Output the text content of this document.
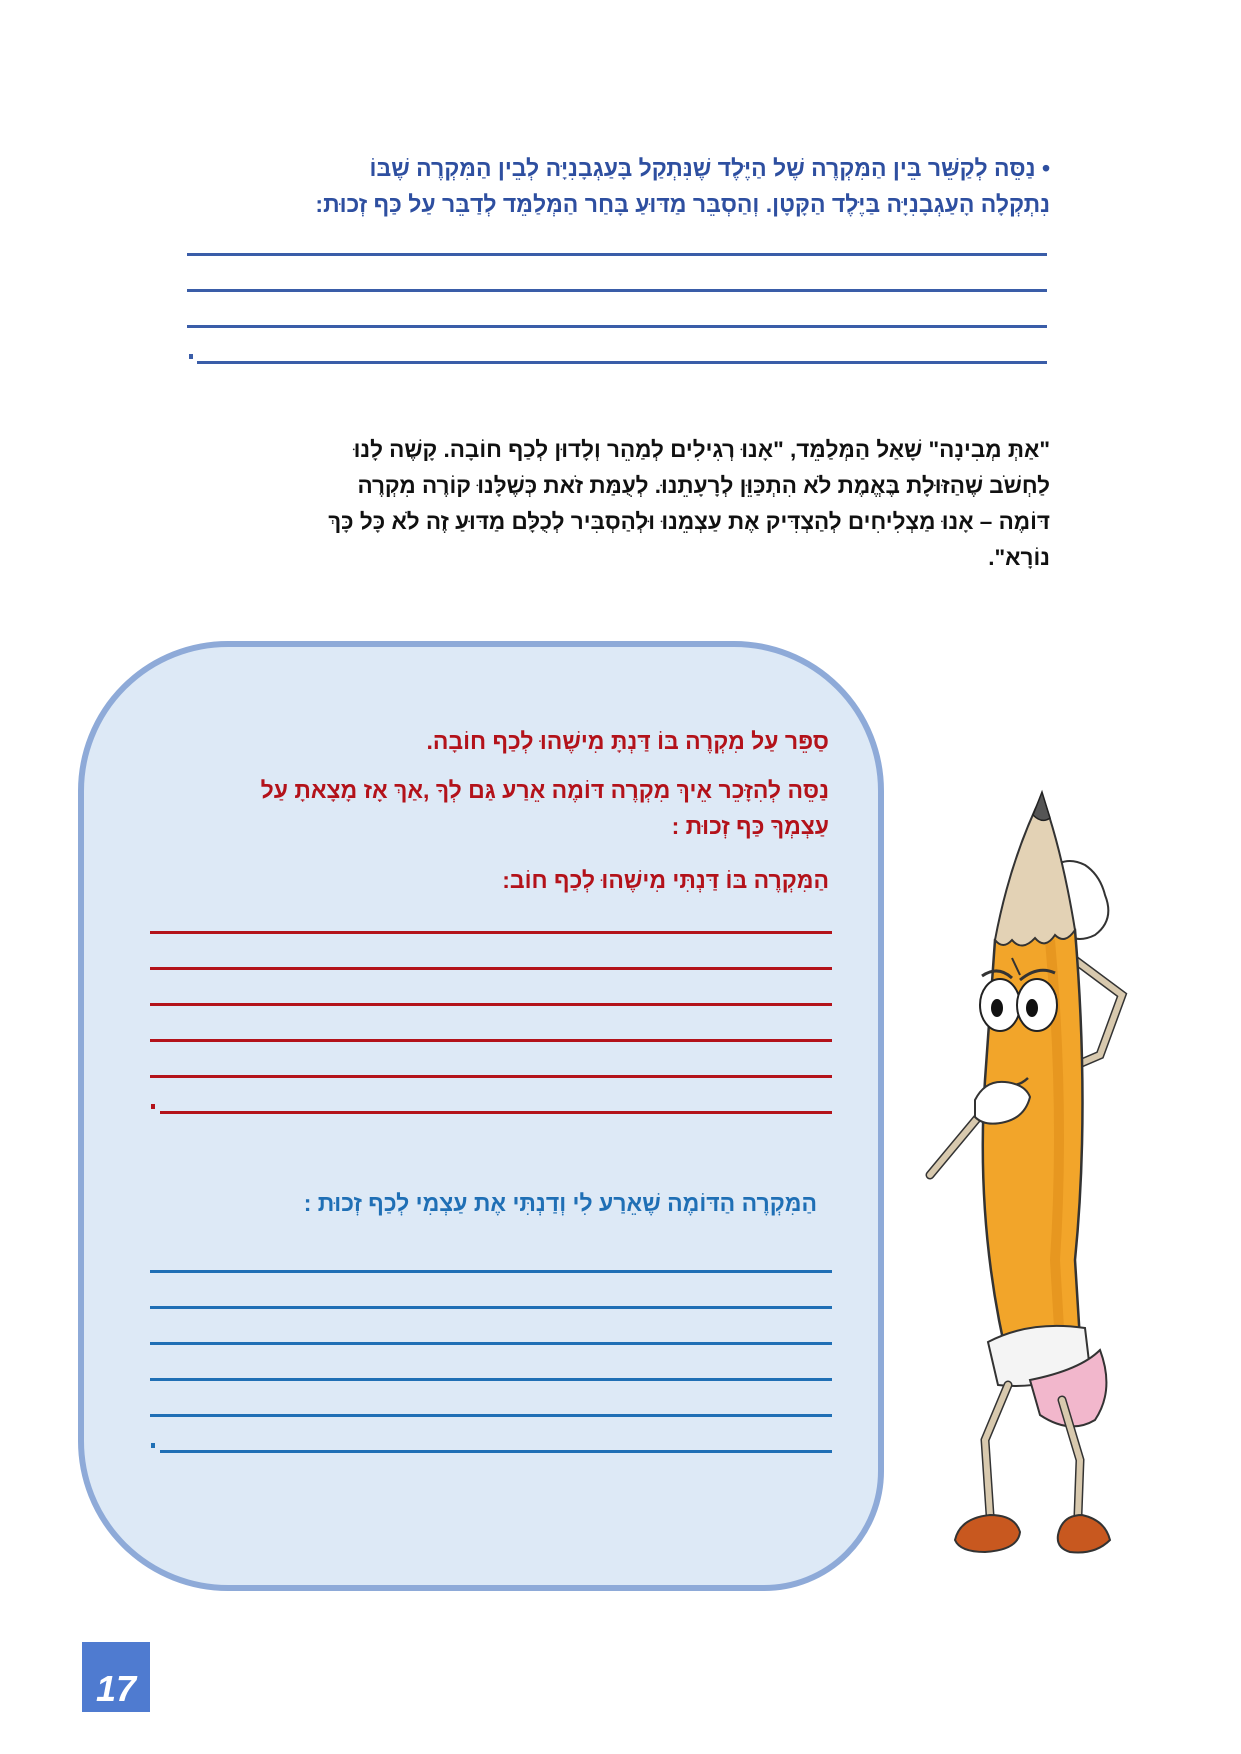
• נַסֵּה לְקַשֵּׁר בֵּין הַמִּקְרֶה שֶׁל הַיֶּלֶד שֶׁנִּתְקַל בָּעַגְבָנִיָּה לְבֵין הַמִּקְרֶה שֶׁבּוֹ
נִתְקְלָה הָעַגְבָנִיָּה בַּיֶּלֶד הַקָּטָן. וְהַסְבֵּר מַדּוּעַ בָּחַר הַמְּלַמֵּד לְדַבֵּר עַל כַּף זְכוּת:
"אַתְּ מְבִינָה" שָׁאַל הַמְּלַמֵּד, "אָנוּ רְגִילִים לְמַהֵר וְלָדוּן לְכַף חוֹבָה. קָשֶׁה לָנוּ
לַחְשֹׁב שֶׁהַזּוּלָת בֶּאֱמֶת לֹא הִתְכַּוֵּן לְרָעָתֵנוּ. לְעֻמַּת זֹאת כְּשֶׁלָּנוּ קוֹרֶה מִקְרֶה
דּוֹמֶה – אָנוּ מַצְלִיחִים לְהַצְדִּיק אֶת עַצְמֵנוּ וּלְהַסְבִּיר לְכֻלָּם מַדּוּעַ זֶה לֹא כָּל כָּךְ
נוֹרָא".
סַפֵּר עַל מִקְרֶה בּוֹ דַּנְתָּ מִישֶׁהוּ לְכַף חוֹבָה.
נַסֵּה לְהִזָּכֵר אֵיךְ מִקְרֶה דּוֹמֶה אֵרַע גַּם לְךָ ,אַךְ אָז מָצָאתָ עַל
עַצְמְךָ כַּף זְכוּת :
הַמִּקְרֶה בּוֹ דַּנְתִּי מִישֶׁהוּ לְכַף חוֹב:
הַמִּקְרֶה הַדּוֹמֶה שֶׁאֵרַע לִי וְדַנְתִּי אֶת עַצְמִי לְכַף זְכוּת :
17
